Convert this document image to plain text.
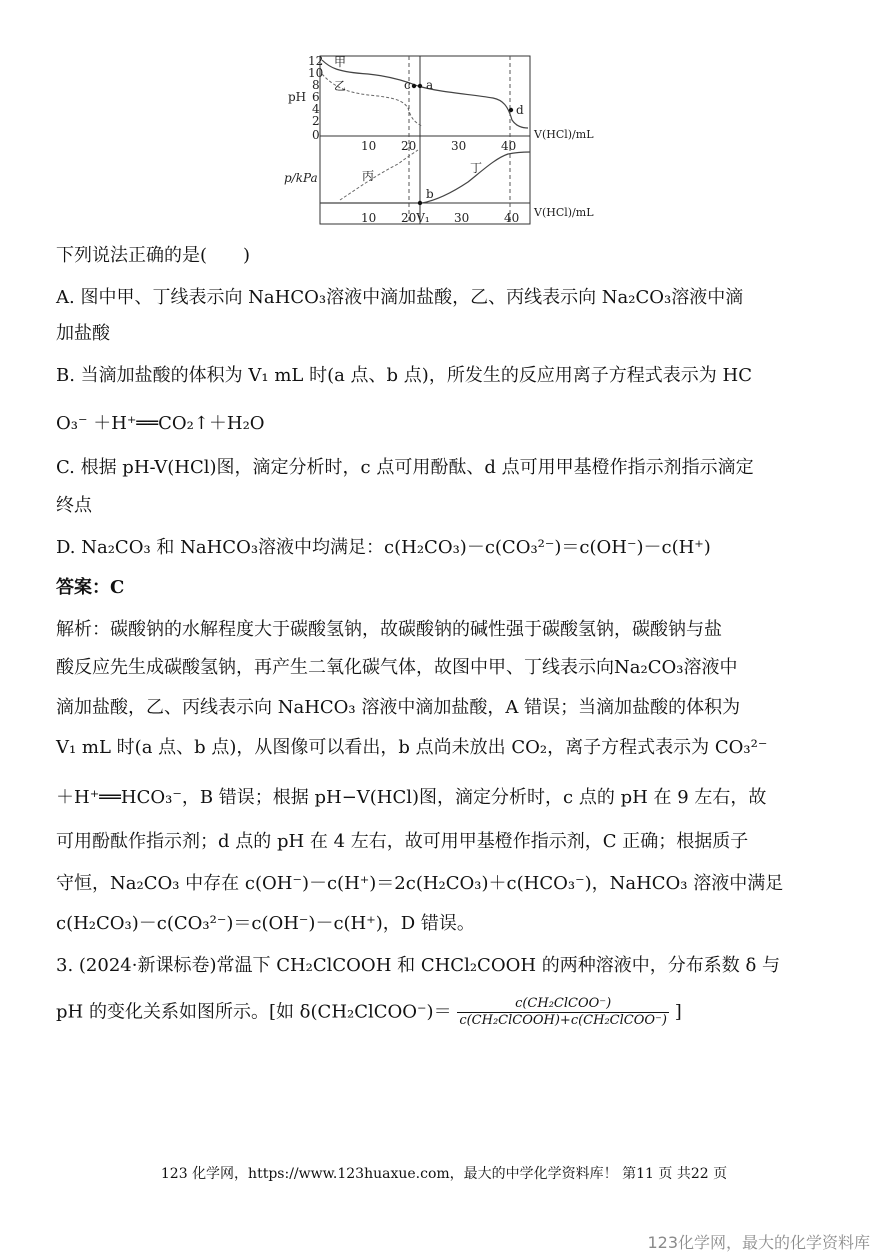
12
10
8
6
4
2
0
pH
p/kPa
10 20	30	40
V(HCl)/mL
10 20V₁ 30	40 V(HCl)/mL
c a
d
b
甲
乙
丙
丁
下列说法正确的是(　　)
A. 图中甲、丁线表示向 NaHCO₃溶液中滴加盐酸，乙、丙线表示向 Na₂CO₃溶液中滴
加盐酸
B. 当滴加盐酸的体积为 V₁ mL 时(a 点、b 点)，所发生的反应用离子方程式表示为 HC
O₃⁻ ＋H⁺══CO₂↑＋H₂O
C. 根据 pH-V(HCl)图，滴定分析时，c 点可用酚酞、d 点可用甲基橙作指示剂指示滴定
终点
D. Na₂CO₃ 和 NaHCO₃溶液中均满足：c(H₂CO₃)－c(CO₃²⁻)＝c(OH⁻)－c(H⁺)
答案：C
解析：碳酸钠的水解程度大于碳酸氢钠，故碳酸钠的碱性强于碳酸氢钠，碳酸钠与盐
酸反应先生成碳酸氢钠，再产生二氧化碳气体，故图中甲、丁线表示向Na₂CO₃溶液中
滴加盐酸，乙、丙线表示向 NaHCO₃ 溶液中滴加盐酸，A 错误；当滴加盐酸的体积为
V₁ mL 时(a 点、b 点)，从图像可以看出，b 点尚未放出 CO₂，离子方程式表示为 CO₃²⁻
＋H⁺══HCO₃⁻，B 错误；根据 pH−V(HCl)图，滴定分析时，c 点的 pH 在 9 左右，故
可用酚酞作指示剂；d 点的 pH 在 4 左右，故可用甲基橙作指示剂，C 正确；根据质子
守恒，Na₂CO₃ 中存在 c(OH⁻)－c(H⁺)＝2c(H₂CO₃)＋c(HCO₃⁻)，NaHCO₃ 溶液中满足
c(H₂CO₃)－c(CO₃²⁻)＝c(OH⁻)－c(H⁺)，D 错误。
3. (2024·新课标卷)常温下 CH₂ClCOOH 和 CHCl₂COOH 的两种溶液中，分布系数 δ 与
pH 的变化关系如图所示。[如 δ(CH₂ClCOO⁻)＝ $\frac{\text{c(CH₂ClCOO⁻)}}{\text{c(CH₂ClCOOH)+c(CH₂ClCOO⁻)}}$ ]
123 化学网，https://www.123huaxue.com，最大的中学化学资料库！ 第11 页 共22 页
123化学网，最大的化学资料库
